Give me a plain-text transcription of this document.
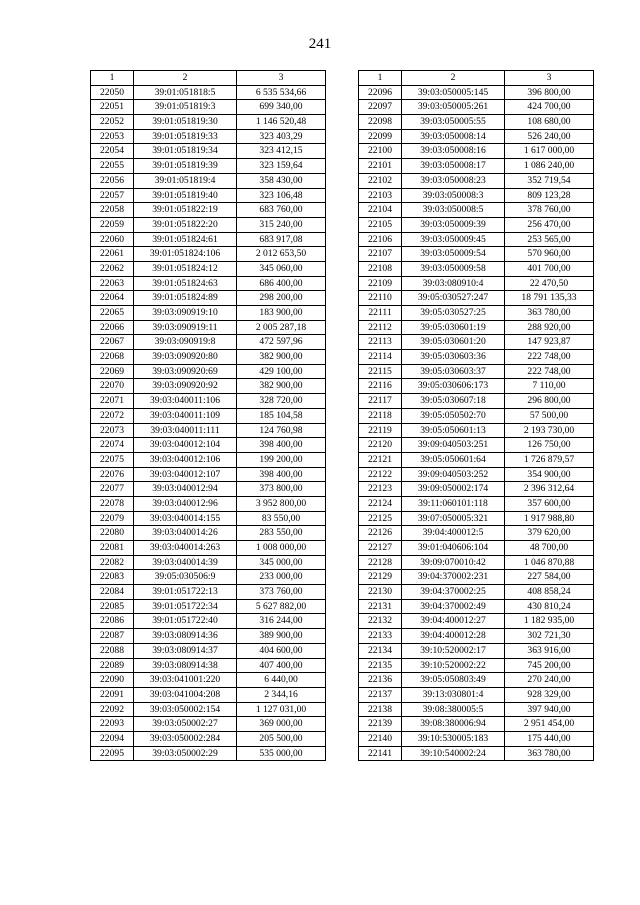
241
1	2	3
22050	39:01:051818:5	6 535 534,66
22051	39:01:051819:3	699 340,00
22052	39:01:051819:30	1 146 520,48
22053	39:01:051819:33	323 403,29
22054	39:01:051819:34	323 412,15
22055	39:01:051819:39	323 159,64
22056	39:01:051819:4	358 430,00
22057	39:01:051819:40	323 106,48
22058	39:01:051822:19	683 760,00
22059	39:01:051822:20	315 240,00
22060	39:01:051824:61	683 917,08
22061	39:01:051824:106	2 012 653,50
22062	39:01:051824:12	345 060,00
22063	39:01:051824:63	686 400,00
22064	39:01:051824:89	298 200,00
22065	39:03:090919:10	183 900,00
22066	39:03:090919:11	2 005 287,18
22067	39:03:090919:8	472 597,96
22068	39:03:090920:80	382 900,00
22069	39:03:090920:69	429 100,00
22070	39:03:090920:92	382 900,00
22071	39:03:040011:106	328 720,00
22072	39:03:040011:109	185 104,58
22073	39:03:040011:111	124 760,98
22074	39:03:040012:104	398 400,00
22075	39:03:040012:106	199 200,00
22076	39:03:040012:107	398 400,00
22077	39:03:040012:94	373 800,00
22078	39:03:040012:96	3 952 800,00
22079	39:03:040014:155	83 550,00
22080	39:03:040014:26	283 550,00
22081	39:03:040014:263	1 008 000,00
22082	39:03:040014:39	345 000,00
22083	39:05:030506:9	233 000,00
22084	39:01:051722:13	373 760,00
22085	39:01:051722:34	5 627 882,00
22086	39:01:051722:40	316 244,00
22087	39:03:080914:36	389 900,00
22088	39:03:080914:37	404 600,00
22089	39:03:080914:38	407 400,00
22090	39:03:041001:220	6 440,00
22091	39:03:041004:208	2 344,16
22092	39:03:050002:154	1 127 031,00
22093	39:03:050002:27	369 000,00
22094	39:03:050002:284	205 500,00
22095	39:03:050002:29	535 000,00
1	2	3
22096	39:03:050005:145	396 800,00
22097	39:03:050005:261	424 700,00
22098	39:03:050005:55	108 680,00
22099	39:03:050008:14	526 240,00
22100	39:03:050008:16	1 617 000,00
22101	39:03:050008:17	1 086 240,00
22102	39:03:050008:23	352 719,54
22103	39:03:050008:3	809 123,28
22104	39:03:050008:5	378 760,00
22105	39:03:050009:39	256 470,00
22106	39:03:050009:45	253 565,00
22107	39:03:050009:54	570 960,00
22108	39:03:050009:58	401 700,00
22109	39:03:080910:4	22 470,50
22110	39:05:030527:247	18 791 135,33
22111	39:05:030527:25	363 780,00
22112	39:05:030601:19	288 920,00
22113	39:05:030601:20	147 923,87
22114	39:05:030603:36	222 748,00
22115	39:05:030603:37	222 748,00
22116	39:05:030606:173	7 110,00
22117	39:05:030607:18	296 800,00
22118	39:05:050502:70	57 500,00
22119	39:05:050601:13	2 193 730,00
22120	39:09:040503:251	126 750,00
22121	39:05:050601:64	1 726 879,57
22122	39:09:040503:252	354 900,00
22123	39:09:050002:174	2 396 312,64
22124	39:11:060101:118	357 600,00
22125	39:07:050005:321	1 917 988,80
22126	39:04:400012:5	379 620,00
22127	39:01:040606:104	48 700,00
22128	39:09:070010:42	1 046 870,88
22129	39:04:370002:231	227 584,00
22130	39:04:370002:25	408 858,24
22131	39:04:370002:49	430 810,24
22132	39:04:400012:27	1 182 935,00
22133	39:04:400012:28	302 721,30
22134	39:10:520002:17	363 916,00
22135	39:10:520002:22	745 200,00
22136	39:05:050803:49	270 240,00
22137	39:13:030801:4	928 329,00
22138	39:08:380005:5	397 940,00
22139	39:08:380006:94	2 951 454,00
22140	39:10:530005:183	175 440,00
22141	39:10:540002:24	363 780,00
